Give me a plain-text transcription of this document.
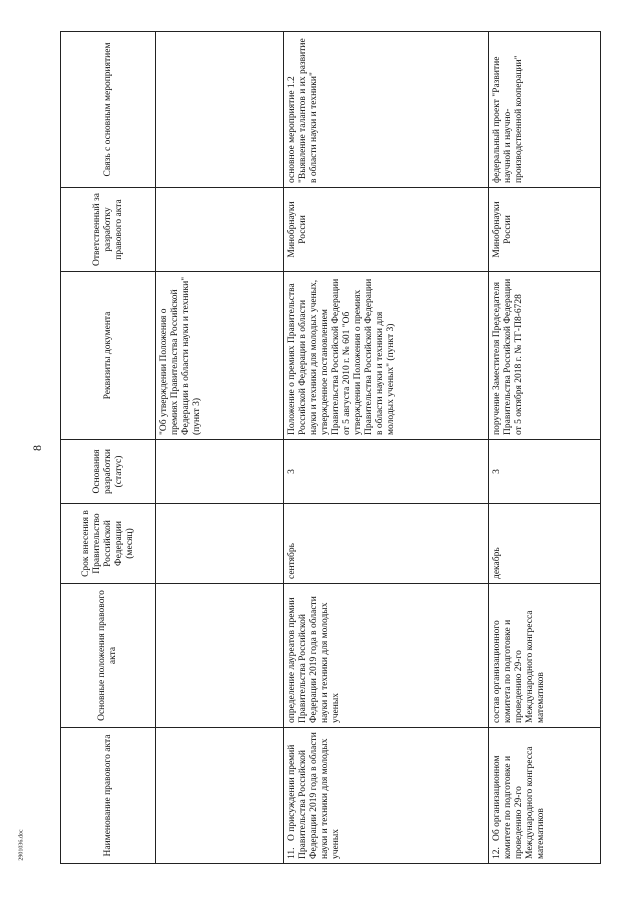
8
2901036.doc	Наименование правового акта	Основные положения правового акта	Срок внесения в Правительство Российской Федерации (месяц)	Основания разработки (статус)	Реквизиты документа	Ответственный за разработку правового акта	Связь с основным мероприятием
				"Об утверждении Положения о премиях Правительства Российской Федерации в области науки и техники" (пункт 3)		
11.О присуждении премий Правительства Российской Федерации 2019 года в области науки и техники для молодых ученых	определение лауреатов премии Правительства Российской Федерации 2019 года в области науки и техники для молодых ученых	сентябрь	3	Положение о премиях Правительства Российской Федерации в области науки и техники для молодых ученых, утвержденное постановлением Правительства Российской Федерации от 5 августа 2010 г. № 601 "Об утверждении Положения о премиях Правительства Российской Федерации в области науки и техники для молодых ученых" (пункт 3)	Минобрнауки России	основное мероприятие 1.2 "Выявление талантов и их развитие в области науки и техники"
12.Об организационном комитете по подготовке и проведению 29-го Международного конгресса математиков	состав организационного комитета по подготовке и проведению 29-го Международного конгресса математиков	декабрь	3	поручение Заместителя Председателя Правительства Российской Федерации от 5 октября 2018 г. № ТГ-П8-6728	Минобрнауки России	федеральный проект "Развитие научной и научно-производственной кооперации"
